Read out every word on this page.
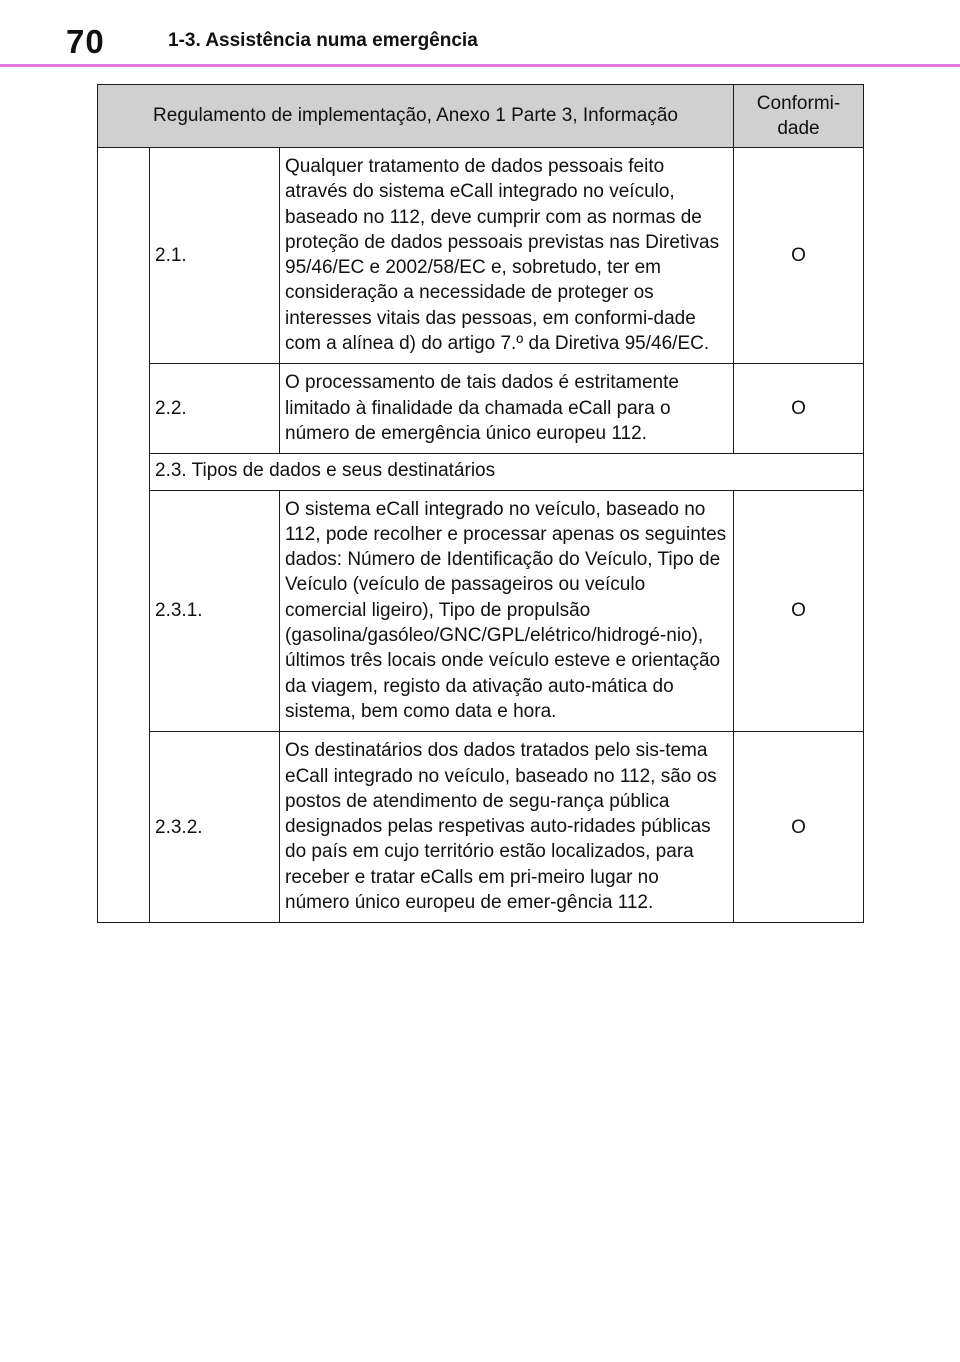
70	1-3. Assistência numa emergência
Regulamento de implementação, Anexo 1 Parte 3, Informação			Conformi-
dade
	2.1.	Qualquer tratamento de dados pessoais feito através do sistema eCall integrado no veículo, baseado no 112, deve cumprir com as normas de proteção de dados pessoais previstas nas Diretivas 95/46/EC e 2002/58/EC e, sobretudo, ter em consideração a necessidade de proteger os interesses vitais das pessoas, em conformi-dade com a alínea d) do artigo 7.º da Diretiva 95/46/EC.	O
	2.2.	O processamento de tais dados é estritamente limitado à finalidade da chamada eCall para o número de emergência único europeu 112.	O
	2.3. Tipos de dados e seus destinatários		
	2.3.1.	O sistema eCall integrado no veículo, baseado no 112, pode recolher e processar apenas os seguintes dados: Número de Identificação do Veículo, Tipo de Veículo (veículo de passageiros ou veículo comercial ligeiro), Tipo de propulsão (gasolina/gasóleo/GNC/GPL/elétrico/hidrogé-nio), últimos três locais onde veículo esteve e orientação da viagem, registo da ativação auto-mática do sistema, bem como data e hora.	O
	2.3.2.	Os destinatários dos dados tratados pelo sis-tema eCall integrado no veículo, baseado no 112, são os postos de atendimento de segu-rança pública designados pelas respetivas auto-ridades públicas do país em cujo território estão localizados, para receber e tratar eCalls em pri-meiro lugar no número único europeu de emer-gência 112.	O
